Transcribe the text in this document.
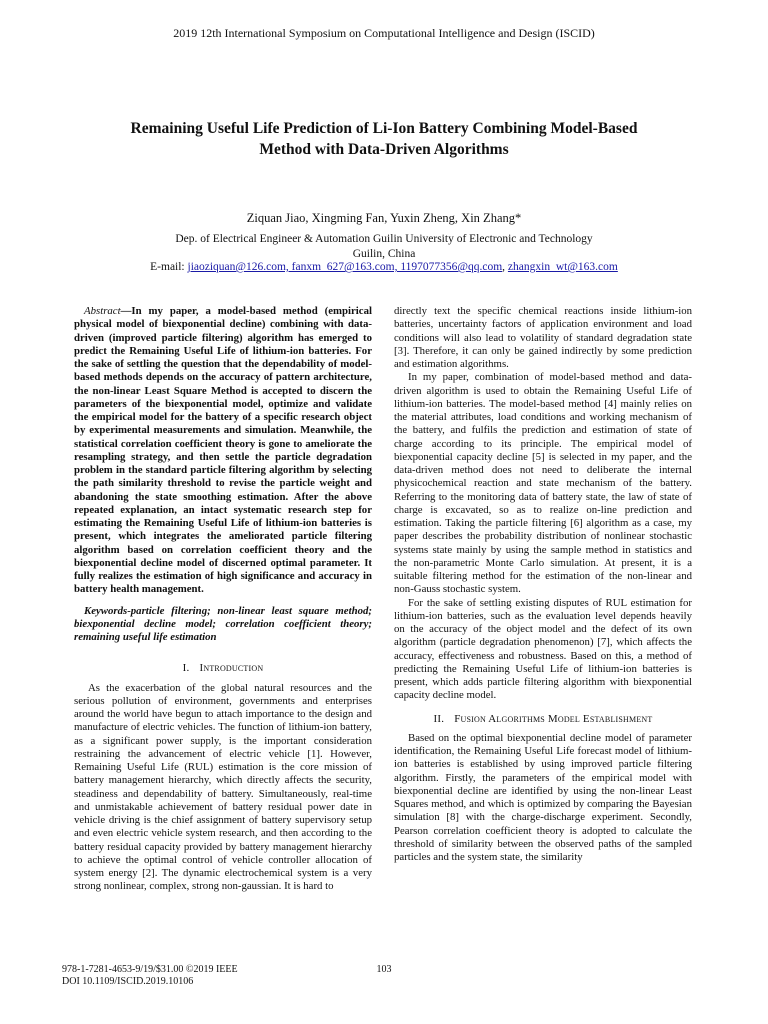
2019 12th International Symposium on Computational Intelligence and Design (ISCID)
Remaining Useful Life Prediction of Li-Ion Battery Combining Model-Based
Method with Data-Driven Algorithms
Ziquan Jiao, Xingming Fan, Yuxin Zheng, Xin Zhang*
Dep. of Electrical Engineer & Automation Guilin University of Electronic and Technology
Guilin, China
E-mail: jiaoziquan@126.com, fanxm_627@163.com, 1197077356@qq.com, zhangxin_wt@163.com

Abstract—In my paper, a model-based method (empirical physical model of biexponential decline) combining with data-driven (improved particle filtering) algorithm has emerged to predict the Remaining Useful Life of lithium-ion batteries. For the sake of settling the question that the dependability of model-based methods depends on the accuracy of pattern architecture, the non-linear Least Square Method is accepted to discern the parameters of the biexponential model, optimize and validate the empirical model for the battery of a specific research object by experimental measurements and simulation. Meanwhile, the statistical correlation coefficient theory is gone to ameliorate the resampling strategy, and then settle the particle degradation problem in the standard particle filtering algorithm by selecting the path similarity threshold to revise the particle weight and abandoning the state smoothing estimation. After the above repeated explanation, an intact systematic research step for estimating the Remaining Useful Life of lithium-ion batteries is present, which integrates the ameliorated particle filtering algorithm based on correlation coefficient theory and the biexponential decline model of discerned optimal parameter. It fully realizes the estimation of high significance and accuracy in battery health management.

Keywords-particle filtering; non-linear least square method; biexponential decline model; correlation coefficient theory; remaining useful life estimation

I. Introduction

As the exacerbation of the global natural resources and the serious pollution of environment, governments and enterprises around the world have begun to attach importance to the design and manufacture of electric vehicles. The function of lithium-ion battery, as a significant power supply, is the important consideration restraining the advancement of electric vehicle [1]. However, Remaining Useful Life (RUL) estimation is the core mission of battery management hierarchy, which directly affects the security, steadiness and dependability of battery. Simultaneously, real-time and unmistakable achievement of battery residual power date in vehicle driving is the chief assignment of battery supervisory setup and even electric vehicle system research, and then according to the battery residual capacity provided by battery management hierarchy to achieve the optimal control of vehicle controller allocation of system energy [2]. The dynamic electrochemical system is a very strong nonlinear, complex, strong non-gaussian. It is hard to

directly text the specific chemical reactions inside lithium-ion batteries, uncertainty factors of application environment and load conditions will also lead to volatility of standard degradation state [3]. Therefore, it can only be gained indirectly by some prediction and estimation algorithms.

In my paper, combination of model-based method and data-driven algorithm is used to obtain the Remaining Useful Life of lithium-ion batteries. The model-based method [4] mainly relies on the material attributes, load conditions and working mechanism of the battery, and fulfils the prediction and estimation of state of charge according to its principle. The empirical model of biexponential capacity decline [5] is selected in my paper, and the data-driven method does not need to deliberate the internal physicochemical reaction and state mechanism of the battery. Referring to the monitoring data of battery state, the law of state of charge is excavated, so as to realize on-line prediction and estimation. Taking the particle filtering [6] algorithm as a case, my paper describes the probability distribution of nonlinear stochastic systems state mainly by using the sample method in statistics and the non-parametric Monte Carlo simulation. At present, it is a suitable filtering method for the estimation of the non-linear and non-Gauss stochastic system.

For the sake of settling existing disputes of RUL estimation for lithium-ion batteries, such as the evaluation level depends heavily on the accuracy of the object model and the defect of its own algorithm (particle degradation phenomenon) [7], which affects the accuracy, effectiveness and robustness. Based on this, a method of predicting the Remaining Useful Life of lithium-ion batteries is present, which adds particle filtering algorithm with biexponential capacity decline model.

II. Fusion Algorithms Model Establishment

Based on the optimal biexponential decline model of parameter identification, the Remaining Useful Life forecast model of lithium-ion batteries is established by using improved particle filtering algorithm. Firstly, the parameters of the empirical model with biexponential decline are identified by using the non-linear Least Squares method, and which is optimized by comparing the Bayesian simulation [8] with the charge-discharge experiment. Secondly, Pearson correlation coefficient theory is adopted to calculate the threshold of similarity between the observed paths of the sampled particles and the system state, the similarity

978-1-7281-4653-9/19/$31.00 ©2019 IEEE
DOI 10.1109/ISCID.2019.10106
103
